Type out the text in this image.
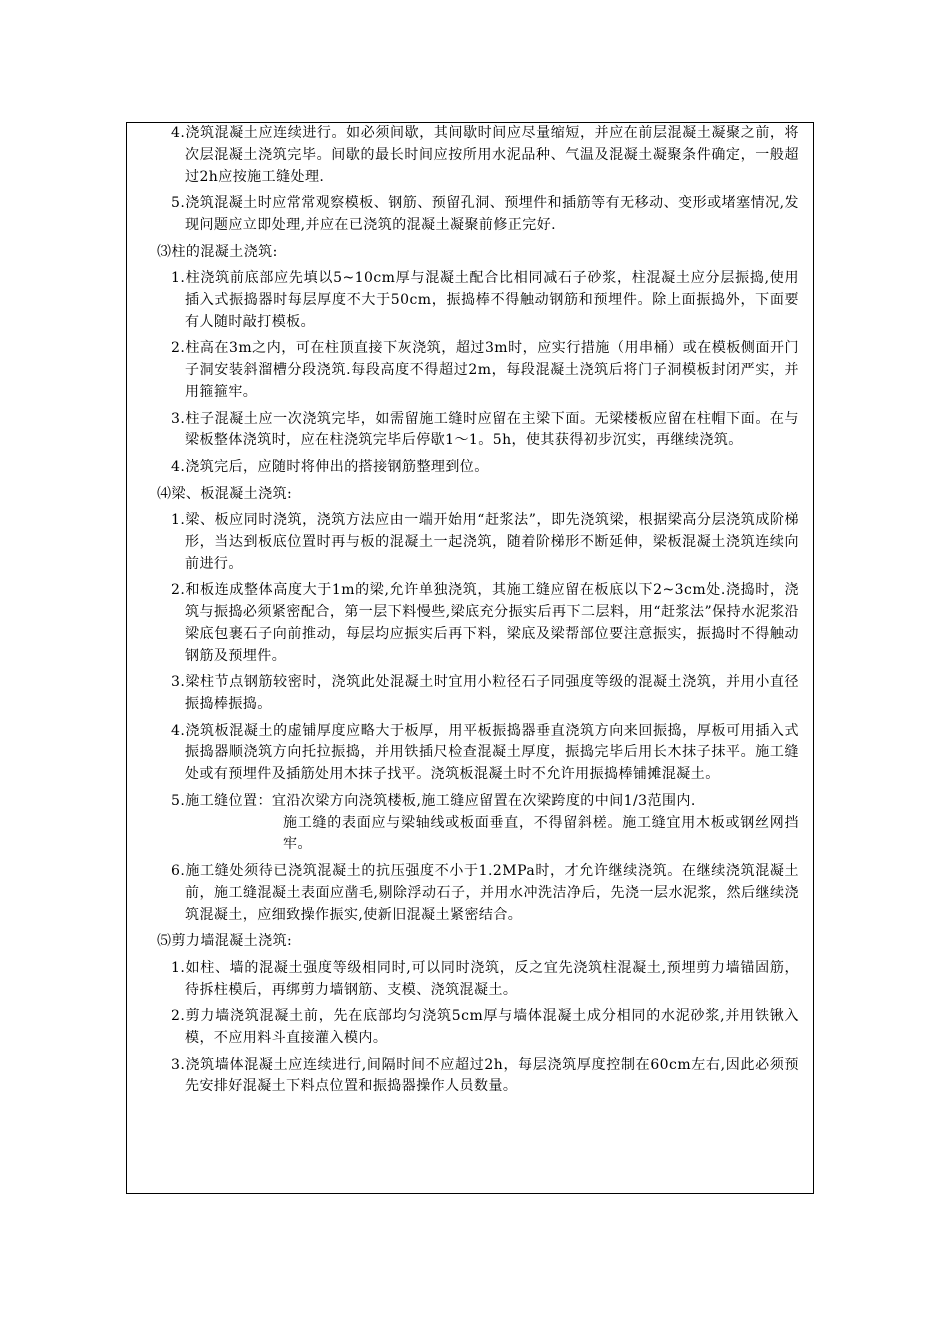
4.浇筑混凝土应连续进行。如必须间歇，其间歇时间应尽量缩短，并应在前层混凝土凝聚之前，将次层混凝土浇筑完毕。间歇的最长时间应按所用水泥品种、气温及混凝土凝聚条件确定，一般超过2h应按施工缝处理.
5.浇筑混凝土时应常常观察模板、钢筋、预留孔洞、预埋件和插筋等有无移动、变形或堵塞情况,发现问题应立即处理,并应在已浇筑的混凝土凝聚前修正完好.
⑶柱的混凝土浇筑:
1.柱浇筑前底部应先填以5~10cm厚与混凝土配合比相同减石子砂浆，柱混凝土应分层振捣,使用插入式振捣器时每层厚度不大于50cm，振捣棒不得触动钢筋和预埋件。除上面振捣外，下面要有人随时敲打模板。
2.柱高在3m之内，可在柱顶直接下灰浇筑，超过3m时，应实行措施（用串桶）或在模板侧面开门子洞安装斜溜槽分段浇筑.每段高度不得超过2m，每段混凝土浇筑后将门子洞模板封闭严实，并用箍箍牢。
3.柱子混凝土应一次浇筑完毕，如需留施工缝时应留在主梁下面。无梁楼板应留在柱帽下面。在与梁板整体浇筑时，应在柱浇筑完毕后停歇1～1。5h，使其获得初步沉实，再继续浇筑。
4.浇筑完后，应随时将伸出的搭接钢筋整理到位。
⑷梁、板混凝土浇筑:
1.梁、板应同时浇筑，浇筑方法应由一端开始用“赶浆法”，即先浇筑梁，根据梁高分层浇筑成阶梯形，当达到板底位置时再与板的混凝土一起浇筑，随着阶梯形不断延伸，梁板混凝土浇筑连续向前进行。
2.和板连成整体高度大于1m的梁,允许单独浇筑，其施工缝应留在板底以下2~3cm处.浇捣时，浇筑与振捣必须紧密配合，第一层下料慢些,梁底充分振实后再下二层料，用“赶浆法”保持水泥浆沿梁底包裹石子向前推动，每层均应振实后再下料，梁底及梁帮部位要注意振实，振捣时不得触动钢筋及预埋件。
3.梁柱节点钢筋较密时，浇筑此处混凝土时宜用小粒径石子同强度等级的混凝土浇筑，并用小直径振捣棒振捣。
4.浇筑板混凝土的虚铺厚度应略大于板厚，用平板振捣器垂直浇筑方向来回振捣，厚板可用插入式振捣器顺浇筑方向托拉振捣，并用铁插尺检查混凝土厚度，振捣完毕后用长木抹子抹平。施工缝处或有预埋件及插筋处用木抹子找平。浇筑板混凝土时不允许用振捣棒铺摊混凝土。
5.施工缝位置：宜沿次梁方向浇筑楼板,施工缝应留置在次梁跨度的中间1/3范围内.
施工缝的表面应与梁轴线或板面垂直，不得留斜槎。施工缝宜用木板或钢丝网挡牢。
6.施工缝处须待已浇筑混凝土的抗压强度不小于1.2MPa时，才允许继续浇筑。在继续浇筑混凝土前，施工缝混凝土表面应凿毛,剔除浮动石子，并用水冲洗洁净后，先浇一层水泥浆，然后继续浇筑混凝土，应细致操作振实,使新旧混凝土紧密结合。
⑸剪力墙混凝土浇筑:
1.如柱、墙的混凝土强度等级相同时,可以同时浇筑，反之宜先浇筑柱混凝土,预埋剪力墙锚固筋，待拆柱模后，再绑剪力墙钢筋、支模、浇筑混凝土。
2.剪力墙浇筑混凝土前，先在底部均匀浇筑5cm厚与墙体混凝土成分相同的水泥砂浆,并用铁锹入模，不应用料斗直接灌入模内。
3.浇筑墙体混凝土应连续进行,间隔时间不应超过2h，每层浇筑厚度控制在60cm左右,因此必须预先安排好混凝土下料点位置和振捣器操作人员数量。
